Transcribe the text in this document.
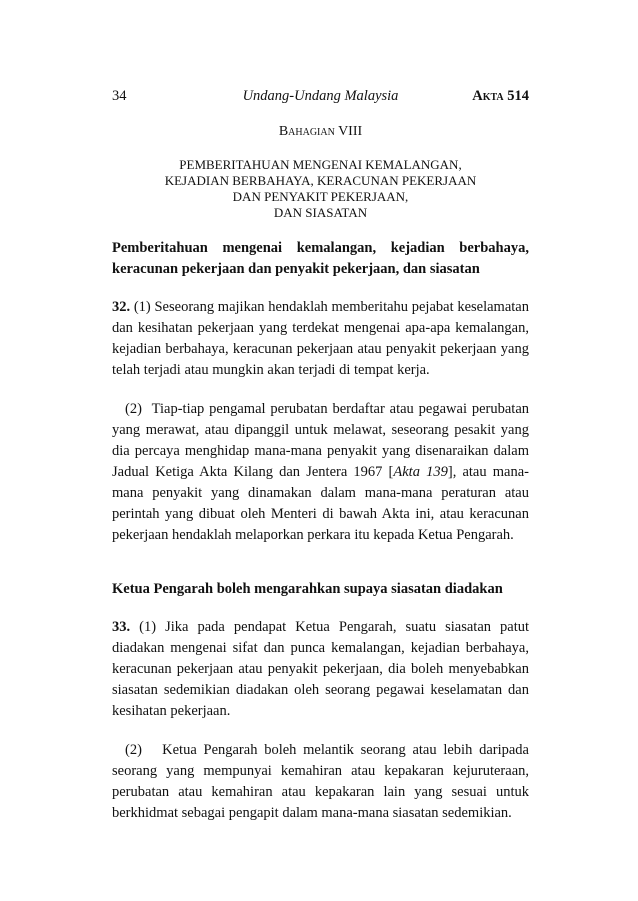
34	Undang-Undang Malaysia	Akta 514
Bahagian VIII
PEMBERITAHUAN MENGENAI KEMALANGAN,
KEJADIAN BERBAHAYA, KERACUNAN PEKERJAAN
DAN PENYAKIT PEKERJAAN,
DAN SIASATAN
Pemberitahuan mengenai kemalangan, kejadian berbahaya, keracunan pekerjaan dan penyakit pekerjaan, dan siasatan
32. (1) Seseorang majikan hendaklah memberitahu pejabat keselamatan dan kesihatan pekerjaan yang terdekat mengenai apa-apa kemalangan, kejadian berbahaya, keracunan pekerjaan atau penyakit pekerjaan yang telah terjadi atau mungkin akan terjadi di tempat kerja.
(2) Tiap-tiap pengamal perubatan berdaftar atau pegawai perubatan yang merawat, atau dipanggil untuk melawat, seseorang pesakit yang dia percaya menghidap mana-mana penyakit yang disenaraikan dalam Jadual Ketiga Akta Kilang dan Jentera 1967 [Akta 139], atau mana-mana penyakit yang dinamakan dalam mana-mana peraturan atau perintah yang dibuat oleh Menteri di bawah Akta ini, atau keracunan pekerjaan hendaklah melaporkan perkara itu kepada Ketua Pengarah.
Ketua Pengarah boleh mengarahkan supaya siasatan diadakan
33. (1) Jika pada pendapat Ketua Pengarah, suatu siasatan patut diadakan mengenai sifat dan punca kemalangan, kejadian berbahaya, keracunan pekerjaan atau penyakit pekerjaan, dia boleh menyebabkan siasatan sedemikian diadakan oleh seorang pegawai keselamatan dan kesihatan pekerjaan.
(2) Ketua Pengarah boleh melantik seorang atau lebih daripada seorang yang mempunyai kemahiran atau kepakaran kejuruteraan, perubatan atau kemahiran atau kepakaran lain yang sesuai untuk berkhidmat sebagai pengapit dalam mana-mana siasatan sedemikian.
